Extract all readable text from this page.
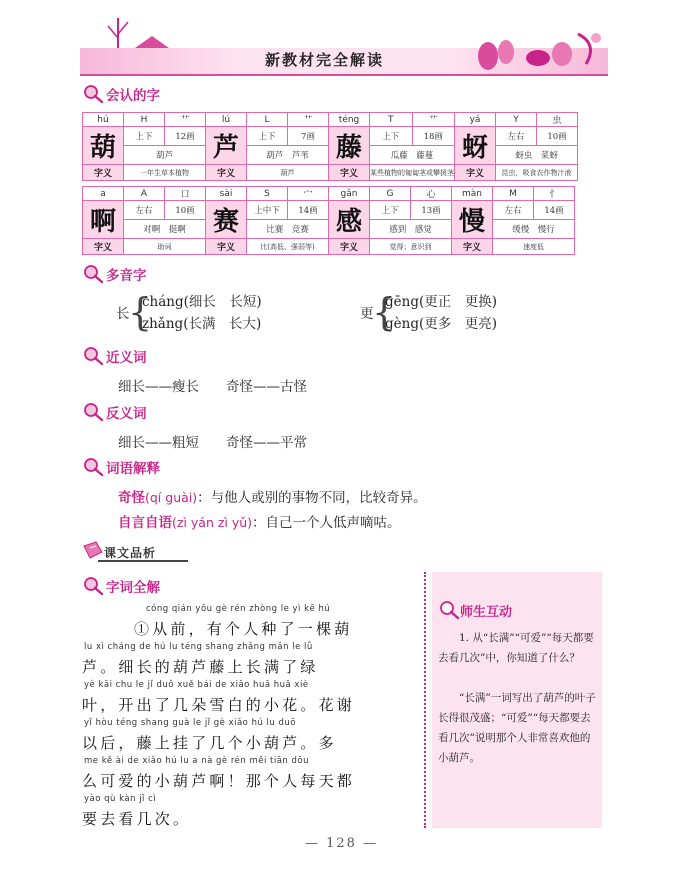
新教材完全解读
会认的字
hú	H	艹	lú	L	艹	téng	T	艹	yá	Y	虫
葫	上下	12画	芦	上下	7画	藤	上下	18画	蚜	左右	10画
	葫芦			葫芦　芦苇			瓜藤　藤蔓			蚜虫　菜蚜	
字义	一年生草本植物		字义	葫芦		字义	某些植物的匍匐茎或攀援茎		字义	昆虫，吸食农作物汁液	
a	A	口	sài	S	宀	gǎn	G	心	màn	M	忄
啊	左右	10画	赛	上中下	14画	感	上下	13画	慢	左右	14画
	对啊　挺啊			比赛　竞赛			感到　感觉			缓慢　慢行	
字义	助词		字义	比(高低、强弱等)		字义	觉得；意识到		字义	速度低	
多音字
长
{
cháng(细长　长短)
zhǎng(长满　长大)
更
{
gēng(更正　更换)
gèng(更多　更亮)
近义词
细长——瘦长　　奇怪——古怪
反义词
细长——粗短　　奇怪——平常
词语解释
奇怪(qí guài)：与他人或别的事物不同，比较奇异。
自言自语(zì yán zì yǔ)：自己一个人低声嘀咕。
课文品析
字词全解
cóng qián yǒu gè rén zhòng le yì kē hú
①从前，有个人种了一棵葫
lu xì cháng de hú lu téng shang zhǎng mǎn le lǜ
芦。细长的葫芦藤上长满了绿
yè kāi chu le jǐ duǒ xuě bái de xiǎo huā huā xiè
叶，开出了几朵雪白的小花。花谢
yǐ hòu téng shang guà le jǐ gè xiǎo hú lu duō
以后，藤上挂了几个小葫芦。多
me kě ài de xiǎo hú lu a nà gè rén měi tiān dōu
么可爱的小葫芦啊！那个人每天都
yào qù kàn jǐ cì
要去看几次。
师生互动

1. 从“长满”“可爱”“每天都要去看几次”中，你知道了什么？

“长满”一词写出了葫芦的叶子长得很茂盛；“可爱”“每天都要去看几次”说明那个人非常喜欢他的小葫芦。

— 128 —
